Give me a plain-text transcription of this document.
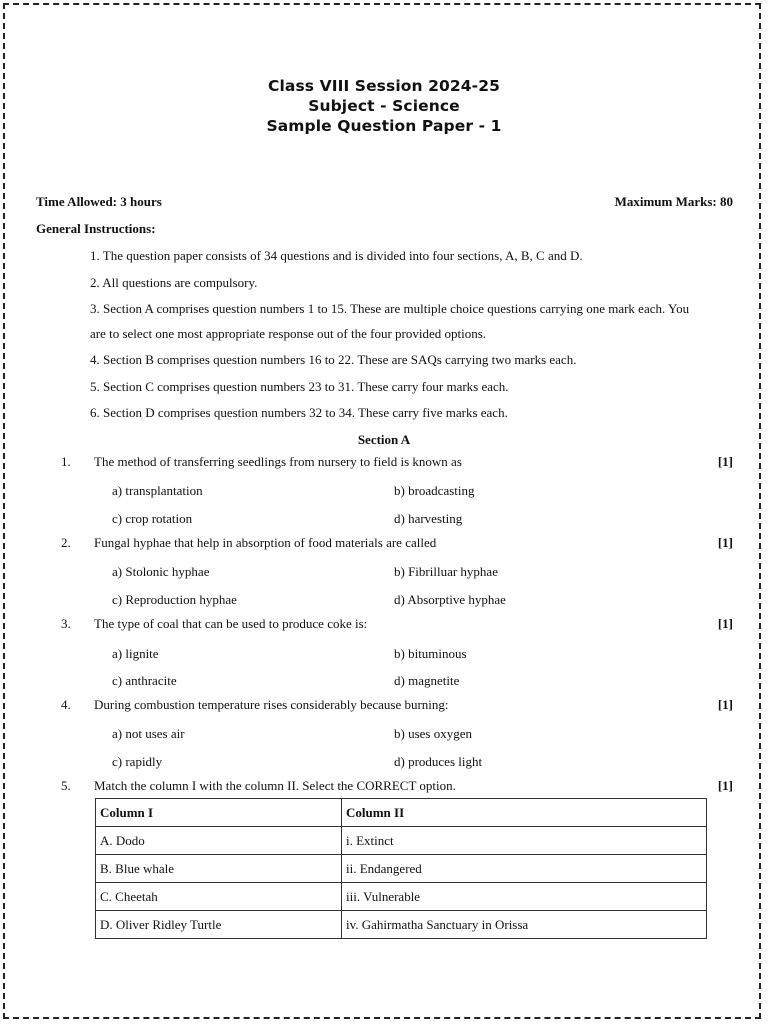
Class VIII Session 2024-25
Subject - Science
Sample Question Paper - 1
Time Allowed: 3 hours	Maximum Marks: 80
General Instructions:
1. The question paper consists of 34 questions and is divided into four sections, A, B, C and D.
2. All questions are compulsory.
3. Section A comprises question numbers 1 to 15. These are multiple choice questions carrying one mark each. You
are to select one most appropriate response out of the four provided options.
4. Section B comprises question numbers 16 to 22. These are SAQs carrying two marks each.
5. Section C comprises question numbers 23 to 31. These carry four marks each.
6. Section D comprises question numbers 32 to 34. These carry five marks each.
Section A
1. The method of transferring seedlings from nursery to field is known as	[1]
a) transplantation	b) broadcasting
c) crop rotation	d) harvesting
2. Fungal hyphae that help in absorption of food materials are called	[1]
a) Stolonic hyphae	b) Fibrilluar hyphae
c) Reproduction hyphae	d) Absorptive hyphae
3. The type of coal that can be used to produce coke is:	[1]
a) lignite	b) bituminous
c) anthracite	d) magnetite
4. During combustion temperature rises considerably because burning:	[1]
a) not uses air	b) uses oxygen
c) rapidly	d) produces light
5. Match the column I with the column II. Select the CORRECT option.	[1]
Column I	Column II
A. Dodo	i. Extinct
B. Blue whale	ii. Endangered
C. Cheetah	iii. Vulnerable
D. Oliver Ridley Turtle	iv. Gahirmatha Sanctuary in Orissa
